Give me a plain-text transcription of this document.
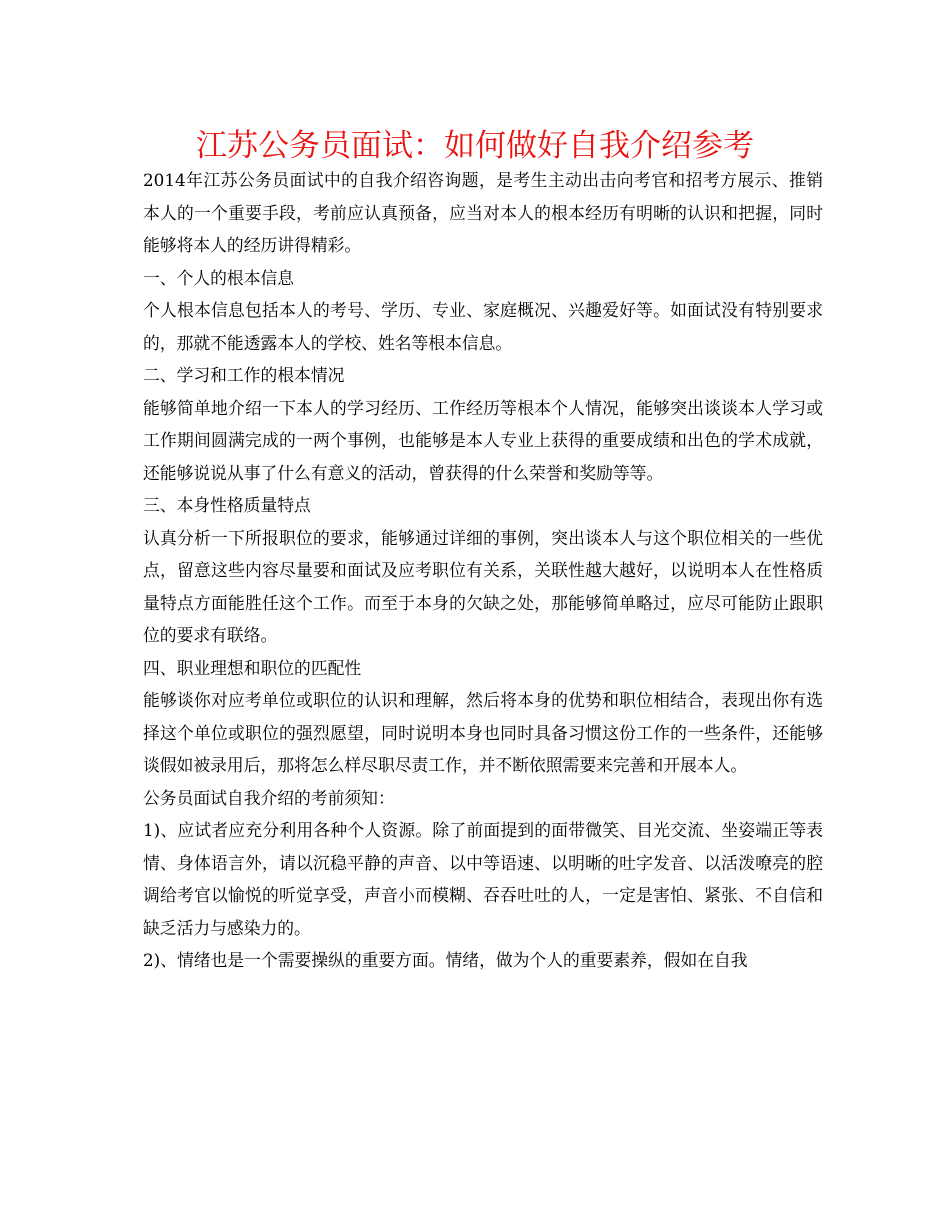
江苏公务员面试：如何做好自我介绍参考

2014年江苏公务员面试中的自我介绍咨询题，是考生主动出击向考官和招考方展示、推销本人的一个重要手段，考前应认真预备，应当对本人的根本经历有明晰的认识和把握，同时能够将本人的经历讲得精彩。

一、个人的根本信息

个人根本信息包括本人的考号、学历、专业、家庭概况、兴趣爱好等。如面试没有特别要求的，那就不能透露本人的学校、姓名等根本信息。

二、学习和工作的根本情况

能够简单地介绍一下本人的学习经历、工作经历等根本个人情况，能够突出谈谈本人学习或工作期间圆满完成的一两个事例，也能够是本人专业上获得的重要成绩和出色的学术成就，还能够说说从事了什么有意义的活动，曾获得的什么荣誉和奖励等等。

三、本身性格质量特点

认真分析一下所报职位的要求，能够通过详细的事例，突出谈本人与这个职位相关的一些优点，留意这些内容尽量要和面试及应考职位有关系，关联性越大越好，以说明本人在性格质量特点方面能胜任这个工作。而至于本身的欠缺之处，那能够简单略过，应尽可能防止跟职位的要求有联络。

四、职业理想和职位的匹配性

能够谈你对应考单位或职位的认识和理解，然后将本身的优势和职位相结合，表现出你有选择这个单位或职位的强烈愿望，同时说明本身也同时具备习惯这份工作的一些条件，还能够谈假如被录用后，那将怎么样尽职尽责工作，并不断依照需要来完善和开展本人。

公务员面试自我介绍的考前须知：

1)、应试者应充分利用各种个人资源。除了前面提到的面带微笑、目光交流、坐姿端正等表情、身体语言外，请以沉稳平静的声音、以中等语速、以明晰的吐字发音、以活泼嘹亮的腔调给考官以愉悦的听觉享受，声音小而模糊、吞吞吐吐的人，一定是害怕、紧张、不自信和缺乏活力与感染力的。

2)、情绪也是一个需要操纵的重要方面。情绪，做为个人的重要素养，假如在自我
